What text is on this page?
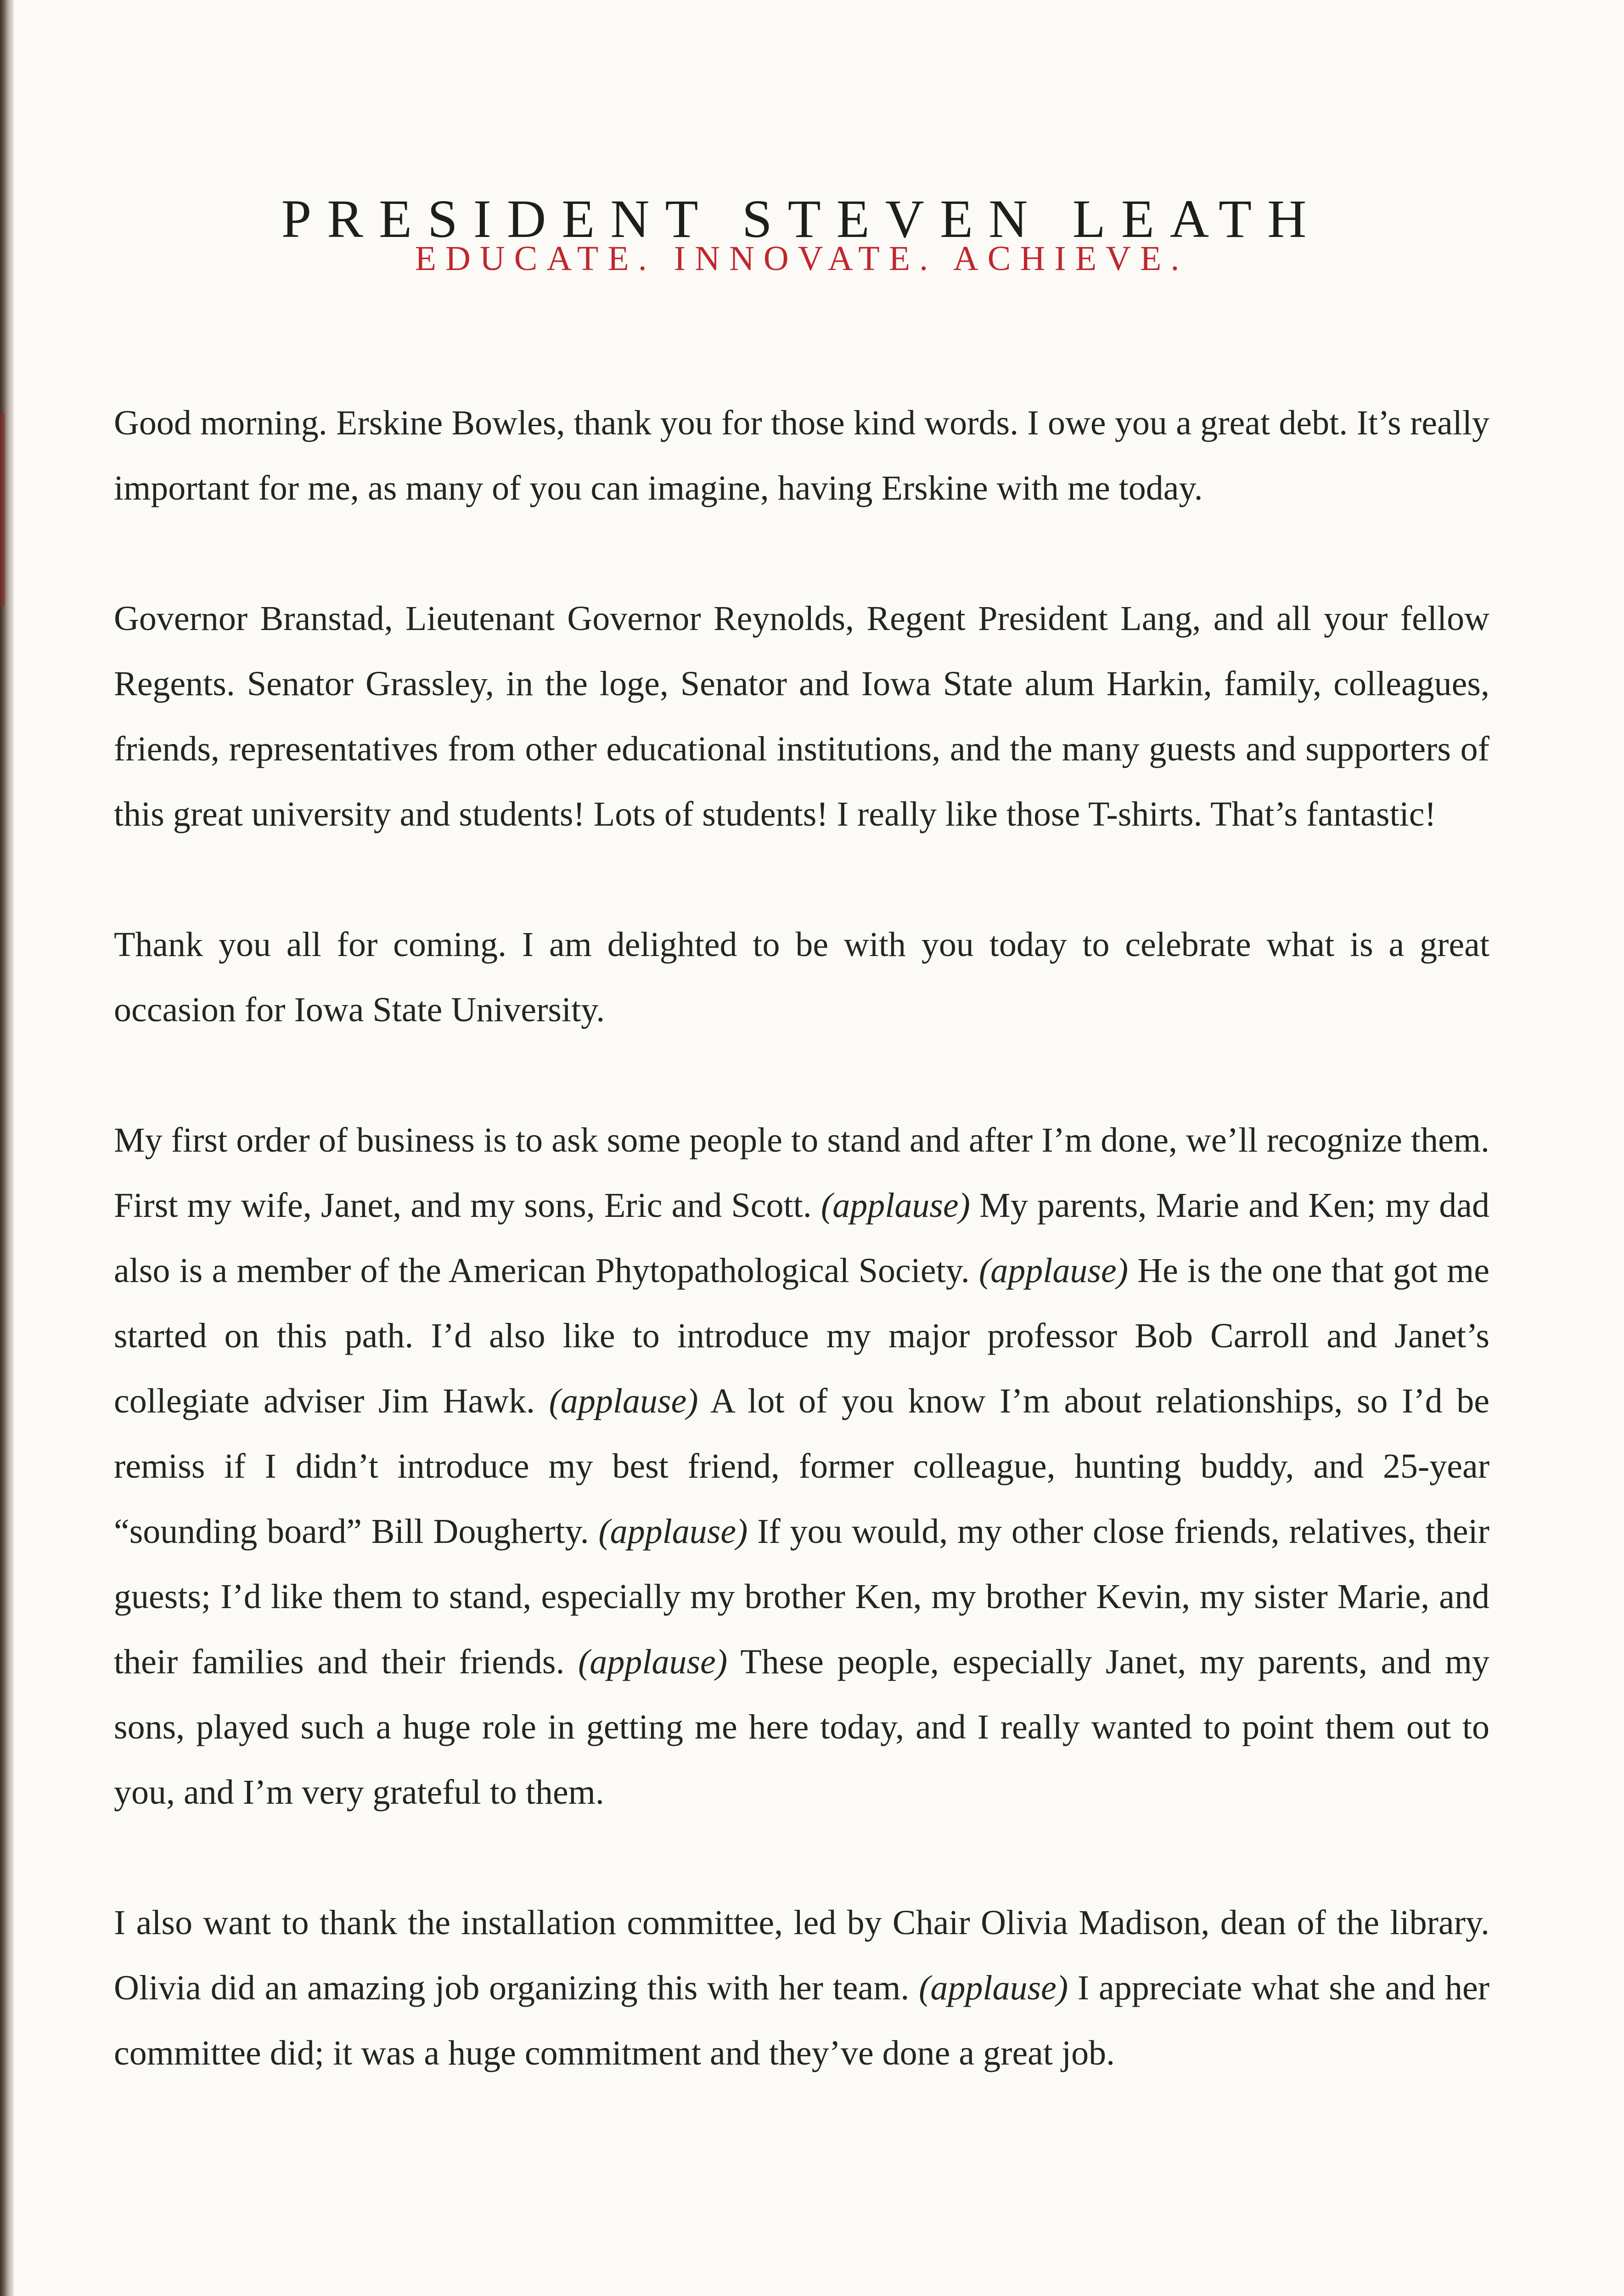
PRESIDENT STEVEN LEATH
EDUCATE. INNOVATE. ACHIEVE.

Good morning. Erskine Bowles, thank you for those kind words. I owe you a great debt. It’s really important for me, as many of you can imagine, having Erskine with me today.

Governor Branstad, Lieutenant Governor Reynolds, Regent President Lang, and all your fellow Regents. Senator Grassley, in the loge, Senator and Iowa State alum Harkin, family, colleagues, friends, representatives from other educational institutions, and the many guests and supporters of this great university and students! Lots of students! I really like those T-shirts. That’s fantastic!

Thank you all for coming. I am delighted to be with you today to celebrate what is a great occasion for Iowa State University.

My first order of business is to ask some people to stand and after I’m done, we’ll recognize them. First my wife, Janet, and my sons, Eric and Scott. (applause) My parents, Marie and Ken; my dad also is a member of the American Phytopathological Society. (applause) He is the one that got me started on this path. I’d also like to introduce my major professor Bob Carroll and Janet’s collegiate adviser Jim Hawk. (applause) A lot of you know I’m about relationships, so I’d be remiss if I didn’t introduce my best friend, former colleague, hunting buddy, and 25-year “sounding board” Bill Dougherty. (applause) If you would, my other close friends, relatives, their guests; I’d like them to stand, especially my brother Ken, my brother Kevin, my sister Marie, and their families and their friends. (applause) These people, especially Janet, my parents, and my sons, played such a huge role in getting me here today, and I really wanted to point them out to you, and I’m very grateful to them.

I also want to thank the installation committee, led by Chair Olivia Madison, dean of the library. Olivia did an amazing job organizing this with her team. (applause) I appreciate what she and her committee did; it was a huge commitment and they’ve done a great job.
